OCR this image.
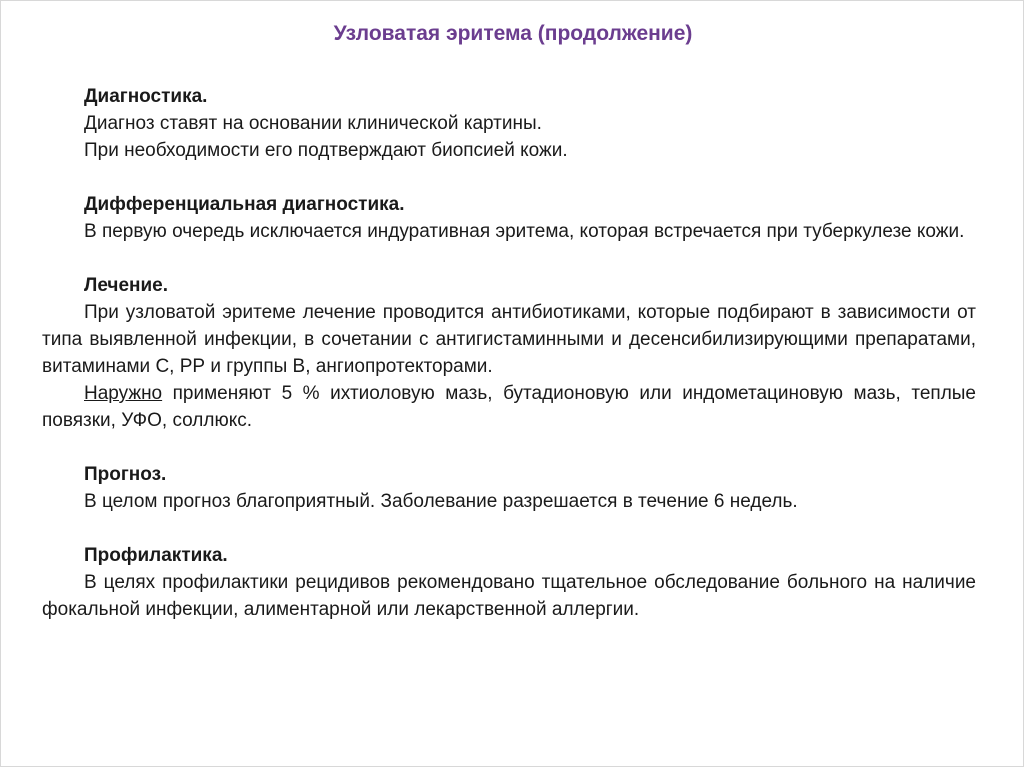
Узловатая эритема (продолжение)
Диагностика.
Диагноз ставят на основании клинической картины.
При необходимости его подтверждают биопсией кожи.
Дифференциальная диагностика.
В первую очередь исключается индуративная эритема, которая встречается при туберкулезе кожи.
Лечение.
При узловатой эритеме лечение проводится антибиотиками, которые подбирают в зависимости от типа выявленной инфекции, в сочетании с антигистаминными и десенсибилизирующими препаратами, витаминами С, РР и группы В, ангиопротекторами.
Наружно применяют 5 % ихтиоловую мазь, бутадионовую или индометациновую мазь, теплые повязки, УФО, соллюкс.
Прогноз.
В целом прогноз благоприятный. Заболевание разрешается в течение 6 недель.
Профилактика.
В целях профилактики рецидивов рекомендовано тщательное обследование больного на наличие фокальной инфекции, алиментарной или лекарственной аллергии.
